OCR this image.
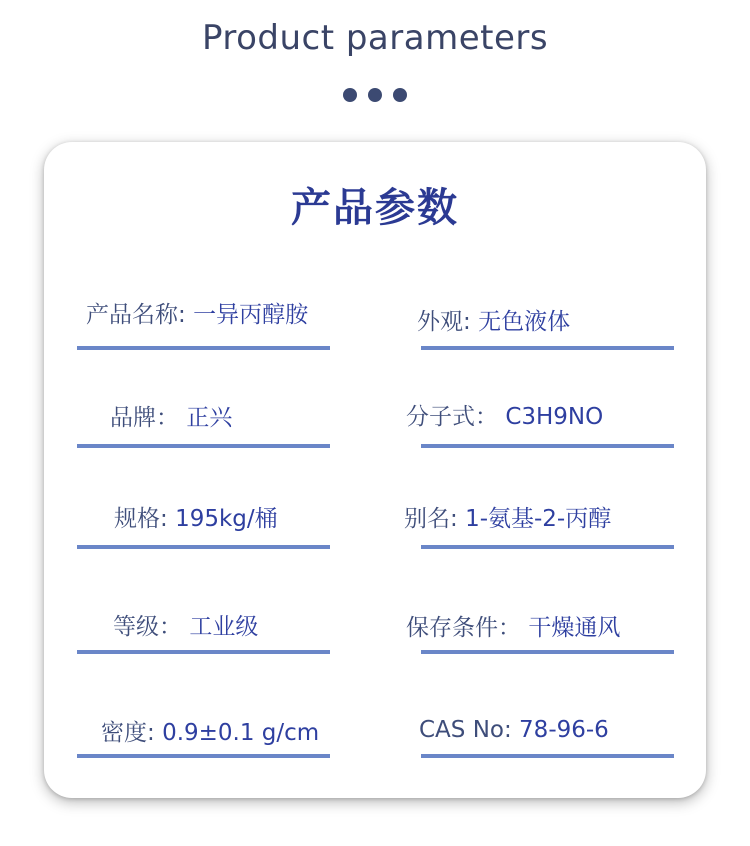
Product parameters
产品参数
产品名称: 一异丙醇胺	外观: 无色液体
品牌： 正兴	分子式： C3H9NO
规格: 195kg/桶	别名: 1-氨基-2-丙醇
等级： 工业级	保存条件： 干燥通风
密度: 0.9±0.1 g/cm	CAS No: 78-96-6
